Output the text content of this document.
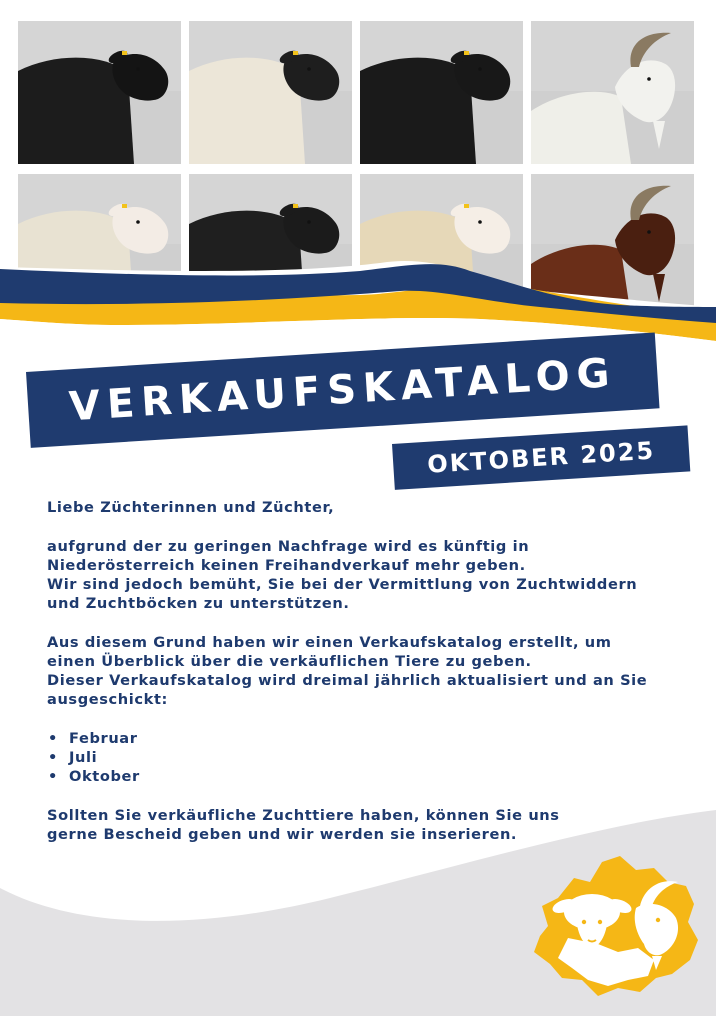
VERKAUFSKATALOG
OKTOBER 2025

Liebe Züchterinnen und Züchter,

aufgrund der zu geringen Nachfrage wird es künftig in

Niederösterreich keinen Freihandverkauf mehr geben.

Wir sind jedoch bemüht, Sie bei der Vermittlung von Zuchtwiddern

und Zuchtböcken zu unterstützen.

Aus diesem Grund haben wir einen Verkaufskatalog erstellt, um

einen Überblick über die verkäuflichen Tiere zu geben.

Dieser Verkaufskatalog wird dreimal jährlich aktualisiert und an Sie

ausgeschickt:

• Februar
• Juli
• Oktober

Sollten Sie verkäufliche Zuchttiere haben, können Sie uns

gerne Bescheid geben und wir werden sie inserieren.
